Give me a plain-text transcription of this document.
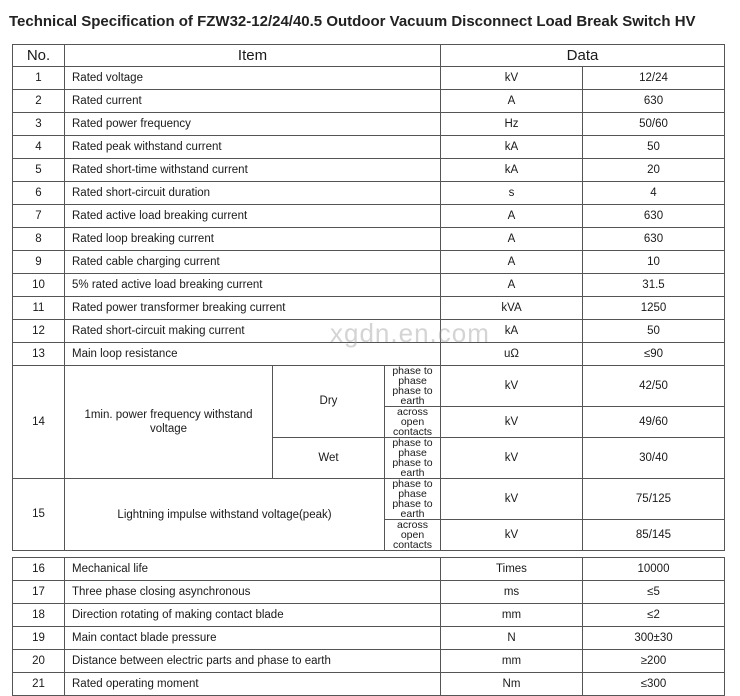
Technical Specification of FZW32-12/24/40.5 Outdoor Vacuum Disconnect Load Break Switch HV
No.	Item			Data		
1	Rated voltage			kV	12/24	
2	Rated current			A	630	
3	Rated power frequency			Hz	50/60	
4	Rated peak withstand current			kA	50	
5	Rated short-time withstand current			kA	20	
6	Rated short-circuit duration			s	4	
7	Rated active load breaking current			A	630	
8	Rated loop breaking current			A	630	
9	Rated cable charging current			A	10	
10	5% rated active load breaking current			A	31.5	
11	Rated power transformer breaking current			kVA	1250	
12	Rated short-circuit making current			kA	50	
13	Main loop resistance			uΩ	≤90	
14	1min. power frequency withstand voltage	Dry	phase to phase phase to earth	kV	42/50	
			across open contacts	kV	49/60	
		Wet	phase to phase phase to earth	kV	30/40	
15	Lightning impulse withstand voltage(peak)		phase to phase phase to earth	kV	75/125	
			across open contacts	kV	85/145	

16	Mechanical life			Times	10000	
17	Three phase closing asynchronous			ms	≤5	
18	Direction rotating of making contact blade			mm	≤2	
19	Main contact blade pressure			N	300±30	
20	Distance between electric parts and phase to earth			mm	≥200	
21	Rated operating moment			Nm	≤300	
xgdn.en.com
